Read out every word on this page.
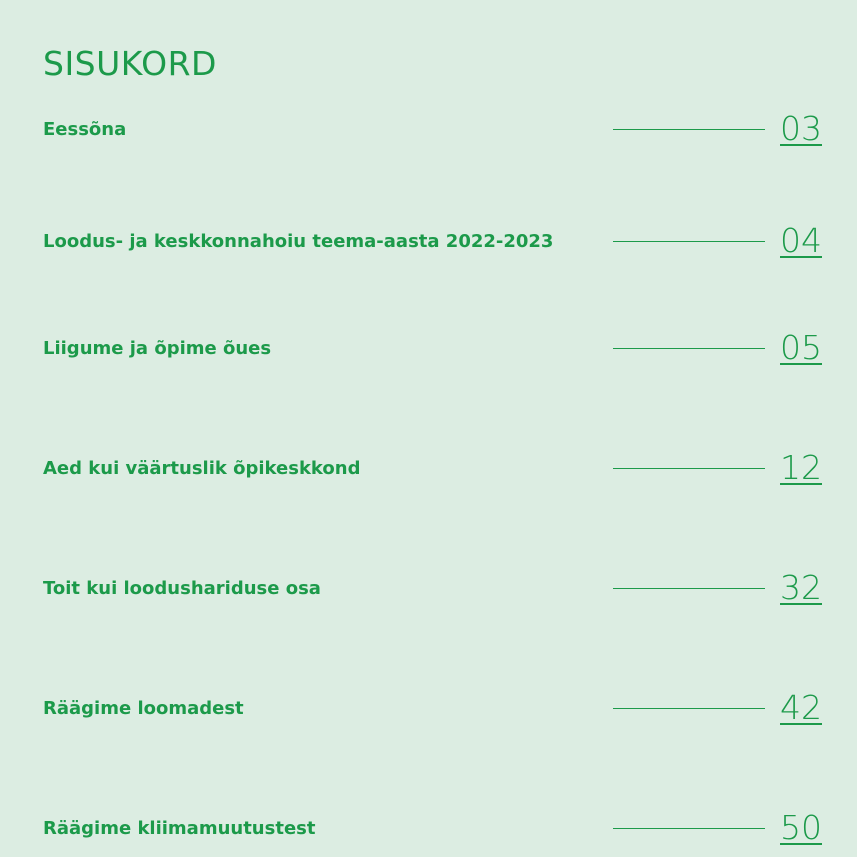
SISUKORD
Eessõna	03
Loodus- ja keskkonnahoiu teema-aasta 2022-2023	04
Liigume ja õpime õues	05
Aed kui väärtuslik õpikeskkond	12
Toit kui loodushariduse osa	32
Räägime loomadest	42
Räägime kliimamuutustest	50
